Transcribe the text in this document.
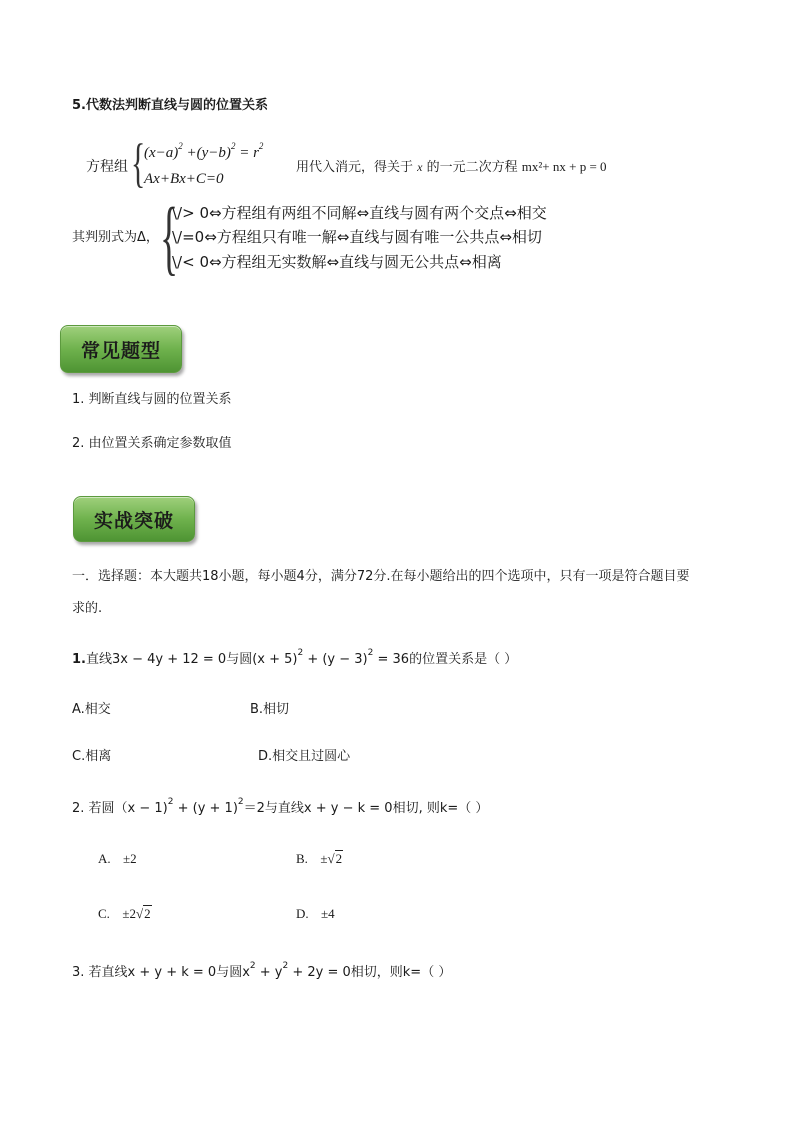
5.代数法判断直线与圆的位置关系
方程组 {
$(x-a)^2 +(y-b)^2 = r^2$
Ax+Bx+C=0
用代入消元，得关于 x 的一元二次方程 mx²+ nx + p = 0
其判别式为Δ， {
\/> 0⇔方程组有两组不同解⇔直线与圆有两个交点⇔相交
\/=0⇔方程组只有唯一解⇔直线与圆有唯一公共点⇔相切
\/< 0⇔方程组无实数解⇔直线与圆无公共点⇔相离
常见题型
1. 判断直线与圆的位置关系
2. 由位置关系确定参数取值
实战突破
一．选择题：本大题共18小题，每小题4分，满分72分.在每小题给出的四个选项中，只有一项是符合题目要
求的.
1.直线3x − 4y + 12 = 0与圆$(x + 5)^2 + (y - 3)^2 = 36$的位置关系是（ ）
A.相交	B.相切
C.相离	D.相交且过圆心
2. 若圆$(x - 1)^2 + (y + 1)^2=2$与直线x + y − k = 0相切, 则k=（ ）
A. ±2	B. ±√2
C. ±2√2	D. ±4
3. 若直线x + y + k = 0与圆$x^2 + y^2 + 2y = 0$相切，则k=（ ）
